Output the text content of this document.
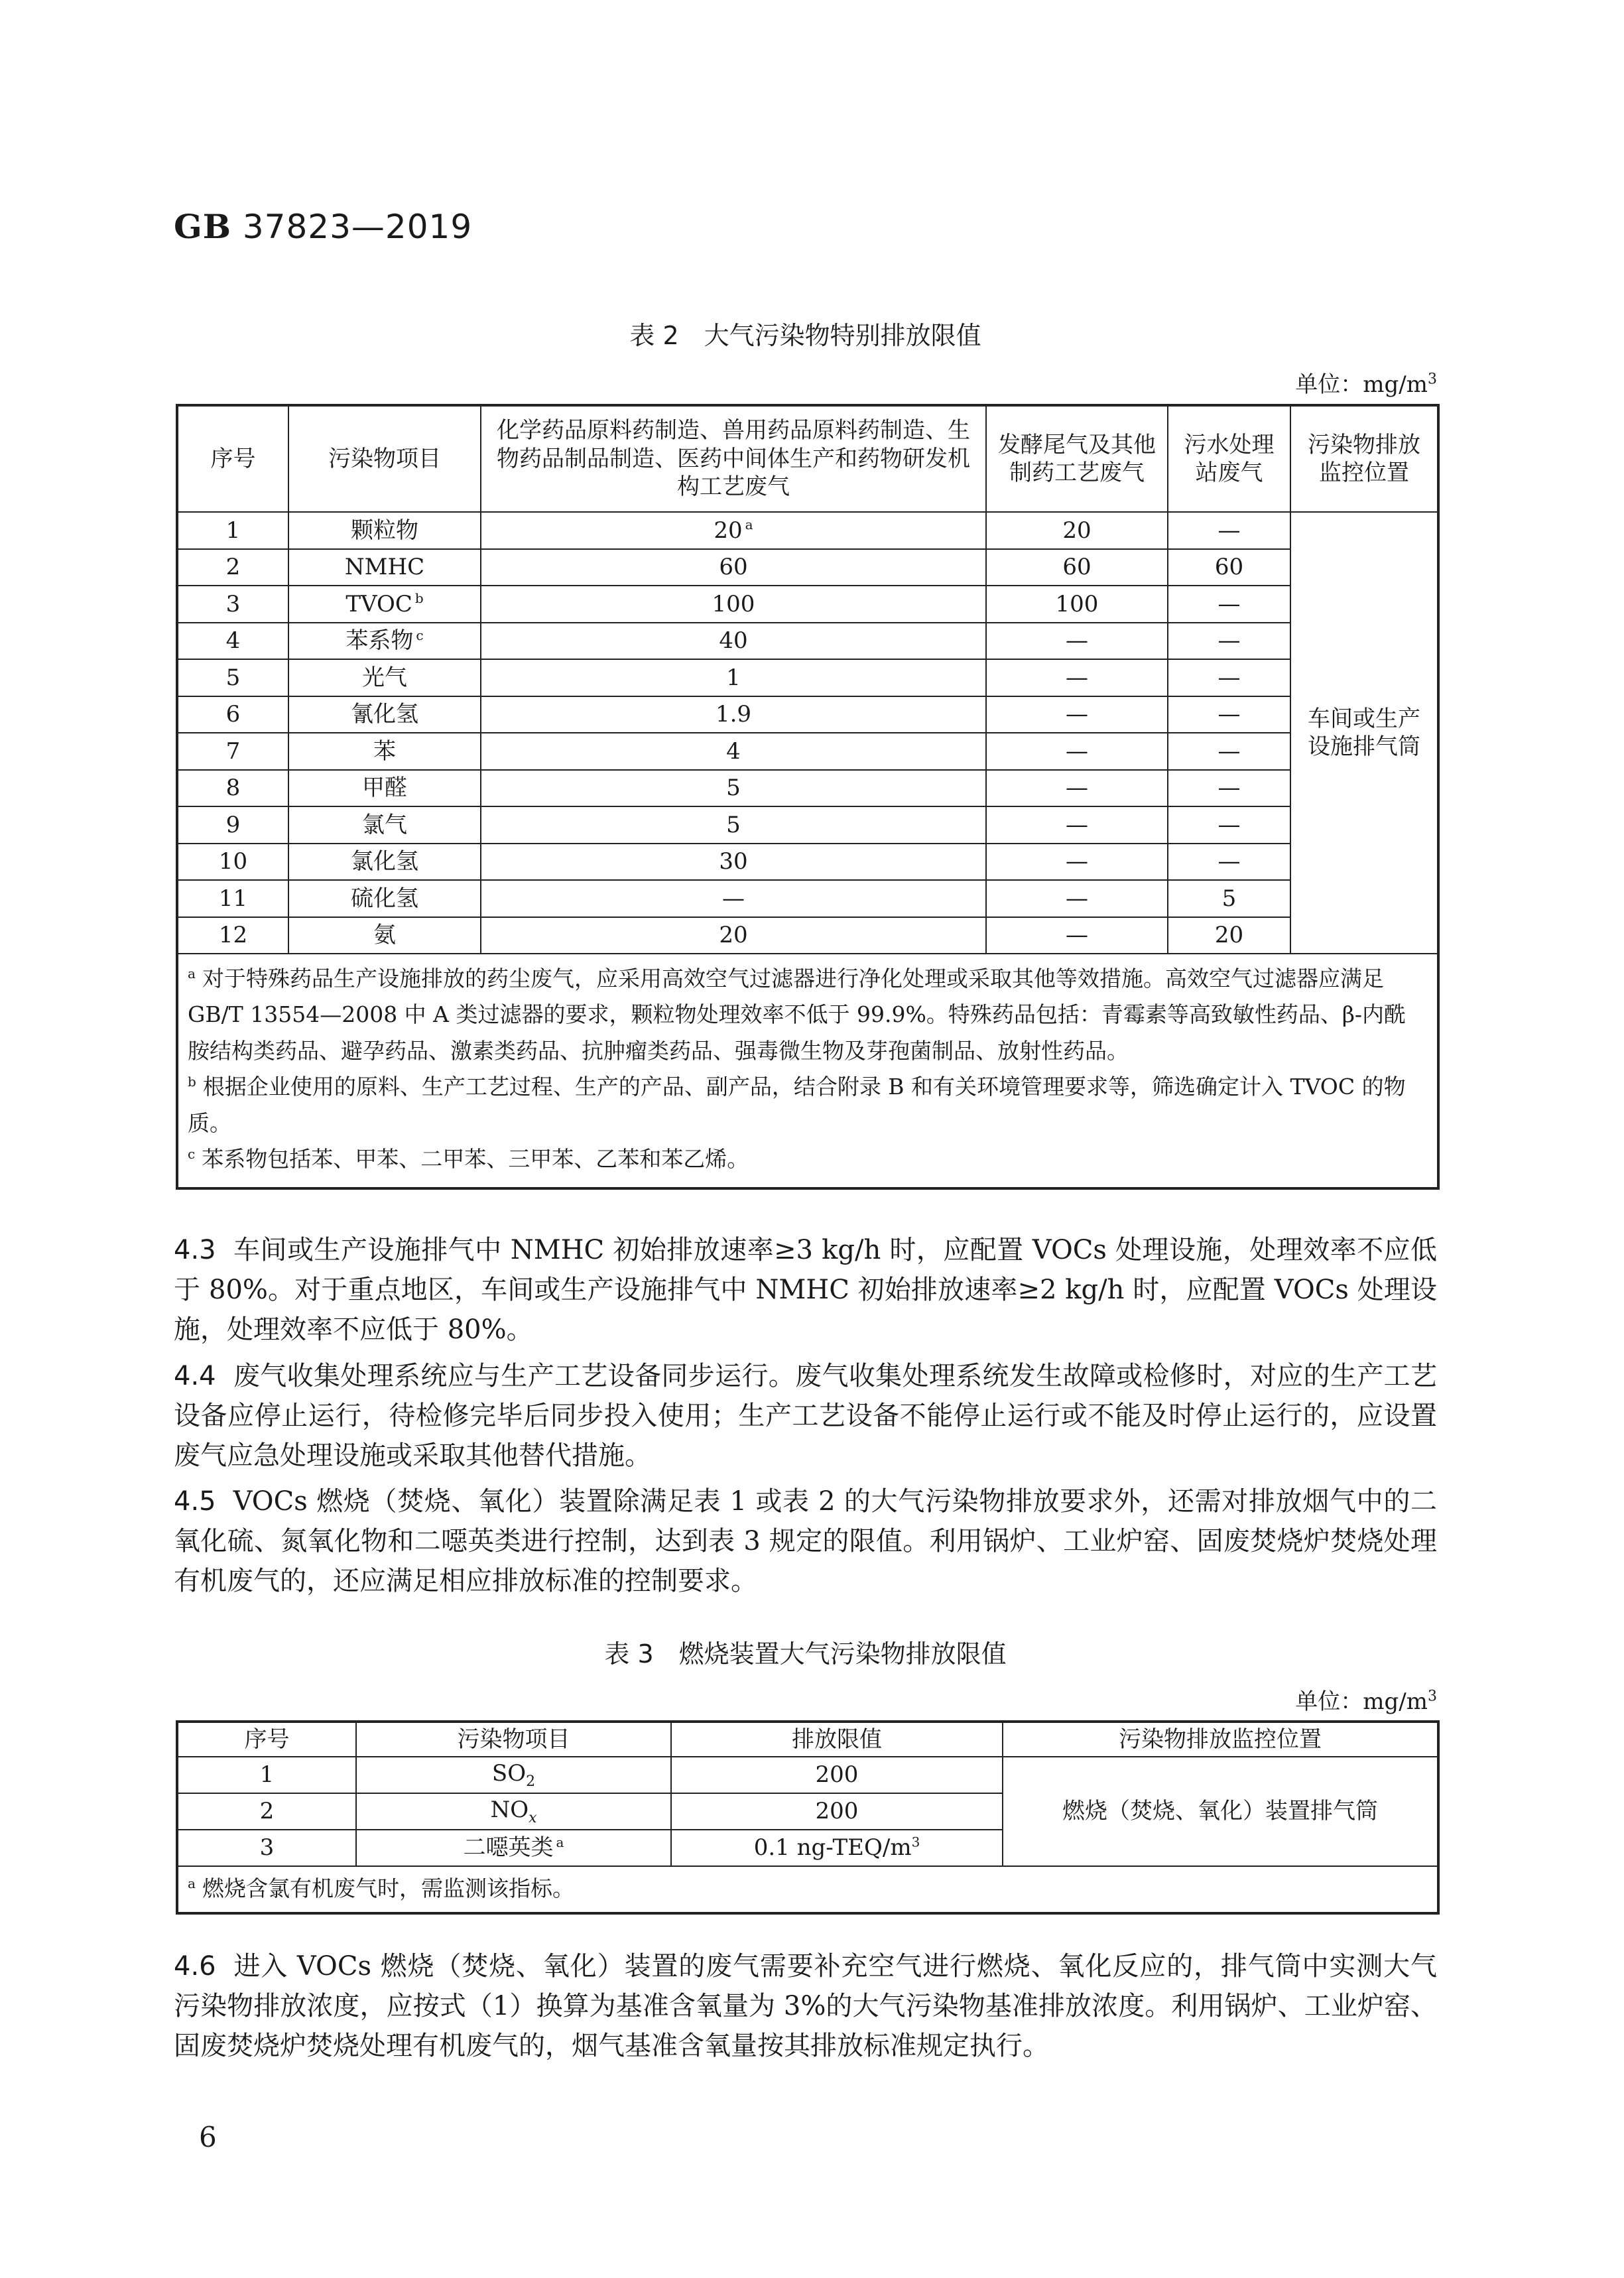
GB 37823—2019
表 2　大气污染物特别排放限值
单位：$mg/m^3$
序号	污染物项目	化学药品原料药制造、兽用药品原料药制造、生物药品制品制造、医药中间体生产和药物研发机构工艺废气	发酵尾气及其他制药工艺废气	污水处理站废气	污染物排放监控位置
1	颗粒物	20 $^a$	20	—	车间或生产设施排气筒
2	NMHC	60	60	60	
3	TVOC $^b$	100	100	—	
4	苯系物 $^c$	40	—	—	
5	光气	1	—	—	
6	氰化氢	1.9	—	—	
7	苯	4	—	—	
8	甲醛	5	—	—	
9	氯气	5	—	—	
10	氯化氢	30	—	—	
11	硫化氢	—	—	5	
12	氨	20	—	20	

$^a$ 对于特殊药品生产设施排放的药尘废气，应采用高效空气过滤器进行净化处理或采取其他等效措施。高效空气过滤器应满足 GB/T 13554—2008 中 A 类过滤器的要求，颗粒物处理效率不低于 99.9%。特殊药品包括：青霉素等高致敏性药品、β-内酰胺结构类药品、避孕药品、激素类药品、抗肿瘤类药品、强毒微生物及芽孢菌制品、放射性药品。

$^b$ 根据企业使用的原料、生产工艺过程、生产的产品、副产品，结合附录 B 和有关环境管理要求等，筛选确定计入 TVOC 的物质。

$^c$ 苯系物包括苯、甲苯、二甲苯、三甲苯、乙苯和苯乙烯。					

4.3 车间或生产设施排气中 NMHC 初始排放速率≥3 kg/h 时，应配置 VOCs 处理设施，处理效率不应低于 80%。对于重点地区，车间或生产设施排气中 NMHC 初始排放速率≥2 kg/h 时，应配置 VOCs 处理设施，处理效率不应低于 80%。
4.4 废气收集处理系统应与生产工艺设备同步运行。废气收集处理系统发生故障或检修时，对应的生产工艺设备应停止运行，待检修完毕后同步投入使用；生产工艺设备不能停止运行或不能及时停止运行的，应设置废气应急处理设施或采取其他替代措施。
4.5 VOCs 燃烧（焚烧、氧化）装置除满足表 1 或表 2 的大气污染物排放要求外，还需对排放烟气中的二氧化硫、氮氧化物和二噁英类进行控制，达到表 3 规定的限值。利用锅炉、工业炉窑、固废焚烧炉焚烧处理有机废气的，还应满足相应排放标准的控制要求。
表 3　燃烧装置大气污染物排放限值
单位：$mg/m^3$
序号	污染物项目	排放限值	污染物排放监控位置
1	$SO_2$	200	燃烧（焚烧、氧化）装置排气筒
2	$NO_x$	200	
3	二噁英类 $^a$	0.1 $ng-TEQ/m^3$
$^a$ 燃烧含氯有机废气时，需监测该指标。			
4.6 进入 VOCs 燃烧（焚烧、氧化）装置的废气需要补充空气进行燃烧、氧化反应的，排气筒中实测大气污染物排放浓度，应按式（1）换算为基准含氧量为 3%的大气污染物基准排放浓度。利用锅炉、工业炉窑、固废焚烧炉焚烧处理有机废气的，烟气基准含氧量按其排放标准规定执行。
6
